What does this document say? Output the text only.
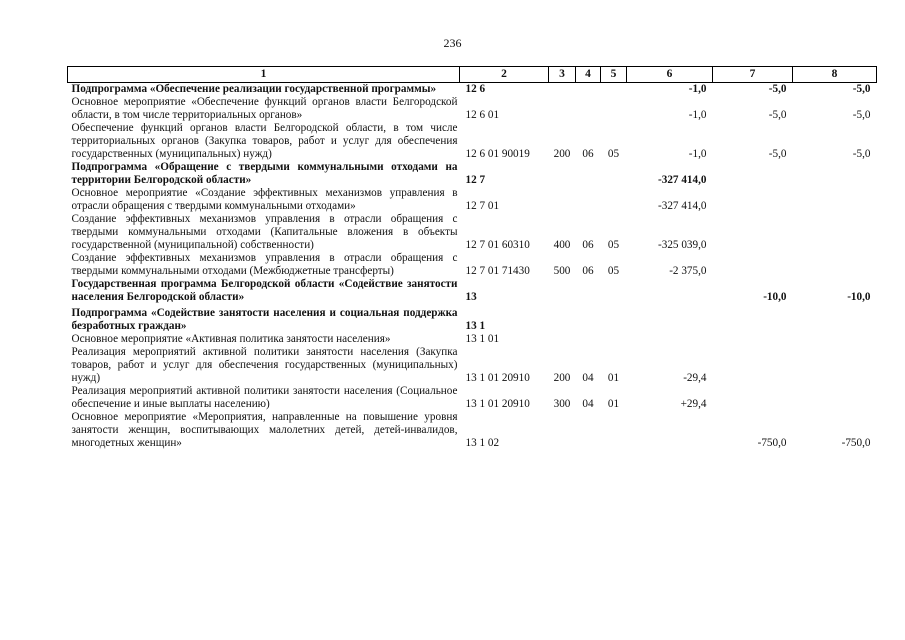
236
1	2	3	4	5	6	7	8
Подпрограмма «Обеспечение реализации государственной программы»	12 6				-1,0	-5,0	-5,0
Основное мероприятие «Обеспечение функций органов власти Белгородской области, в том числе территориальных органов»	12 6 01				-1,0	-5,0	-5,0
Обеспечение функций органов власти Белгородской области, в том числе территориальных органов (Закупка товаров, работ и услуг для обеспечения государственных (муниципальных) нужд)	12 6 01 90019	200	06	05	-1,0	-5,0	-5,0
Подпрограмма «Обращение с твердыми коммунальными отходами на территории Белгородской области»	12 7				-327 414,0		
Основное мероприятие «Создание эффективных механизмов управления в отрасли обращения с твердыми коммунальными отходами»	12 7 01				-327 414,0		
Создание эффективных механизмов управления в отрасли обращения с твердыми коммунальными отходами (Капитальные вложения в объекты государственной (муниципальной) собственности)	12 7 01 60310	400	06	05	-325 039,0		
Создание эффективных механизмов управления в отрасли обращения с твердыми коммунальными отходами (Межбюджетные трансферты)	12 7 01 71430	500	06	05	-2 375,0		
Государственная программа Белгородской области «Содействие занятости населения Белгородской области»	13					-10,0	-10,0
Подпрограмма «Содействие занятости населения и социальная поддержка безработных граждан»	13 1						
Основное мероприятие «Активная политика занятости населения»	13 1 01						
Реализация мероприятий активной политики занятости населения (Закупка товаров, работ и услуг для обеспечения государственных (муниципальных) нужд)	13 1 01 20910	200	04	01	-29,4		
Реализация мероприятий активной политики занятости населения (Социальное обеспечение и иные выплаты населению)	13 1 01 20910	300	04	01	+29,4		
Основное мероприятие «Мероприятия, направленные на повышение уровня занятости женщин, воспитывающих малолетних детей, детей-инвалидов, многодетных женщин»	13 1 02					-750,0	-750,0
